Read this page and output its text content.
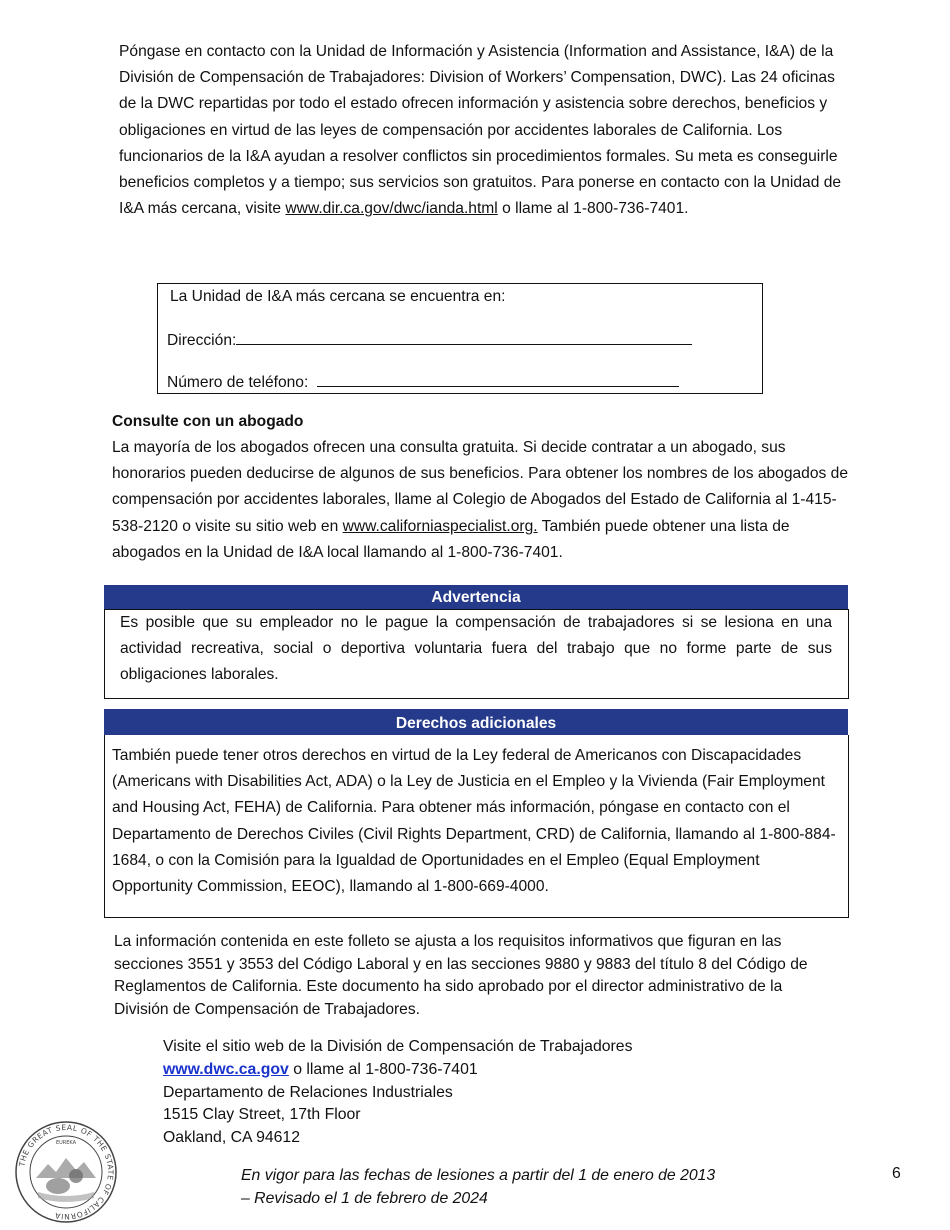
Póngase en contacto con la Unidad de Información y Asistencia (Information and Assistance, I&A) de la División de Compensación de Trabajadores: Division of Workers’ Compensation, DWC). Las 24 oficinas de la DWC repartidas por todo el estado ofrecen información y asistencia sobre derechos, beneficios y obligaciones en virtud de las leyes de compensación por accidentes laborales de California. Los funcionarios de la I&A ayudan a resolver conflictos sin procedimientos formales. Su meta es conseguirle beneficios completos y a tiempo; sus servicios son gratuitos. Para ponerse en contacto con la Unidad de I&A más cercana, visite www.dir.ca.gov/dwc/ianda.html o llame al 1-800-736-7401.

La Unidad de I&A más cercana se encuentra en:
Dirección:
Número de teléfono:
Consulte con un abogado

La mayoría de los abogados ofrecen una consulta gratuita. Si decide contratar a un abogado, sus honorarios pueden deducirse de algunos de sus beneficios. Para obtener los nombres de los abogados de compensación por accidentes laborales, llame al Colegio de Abogados del Estado de California al 1-415-538-2120 o visite su sitio web en www.californiaspecialist.org. También puede obtener una lista de abogados en la Unidad de I&A local llamando al 1-800-736-7401.

Advertencia

Es posible que su empleador no le pague la compensación de trabajadores si se lesiona en una actividad recreativa, social o deportiva voluntaria fuera del trabajo que no forme parte de sus obligaciones laborales.

Derechos adicionales

También puede tener otros derechos en virtud de la Ley federal de Americanos con Discapacidades (Americans with Disabilities Act, ADA) o la Ley de Justicia en el Empleo y la Vivienda (Fair Employment and Housing Act, FEHA) de California. Para obtener más información, póngase en contacto con el Departamento de Derechos Civiles (Civil Rights Department, CRD) de California, llamando al 1-800-884-1684, o con la Comisión para la Igualdad de Oportunidades en el Empleo (Equal Employment Opportunity Commission, EEOC), llamando al 1-800-669-4000.

La información contenida en este folleto se ajusta a los requisitos informativos que figuran en las secciones 3551 y 3553 del Código Laboral y en las secciones 9880 y 9883 del título 8 del Código de Reglamentos de California. Este documento ha sido aprobado por el director administrativo de la División de Compensación de Trabajadores.

Visite el sitio web de la División de Compensación de Trabajadores
www.dwc.ca.gov o llame al 1-800-736-7401
Departamento de Relaciones Industriales
1515 Clay Street, 17th Floor
Oakland, CA 94612
THE GREAT SEAL OF THE STATE OF CALIFORNIA
EUREKA
En vigor para las fechas de lesiones a partir del 1 de enero de 2013
– Revisado el 1 de febrero de 2024
6
